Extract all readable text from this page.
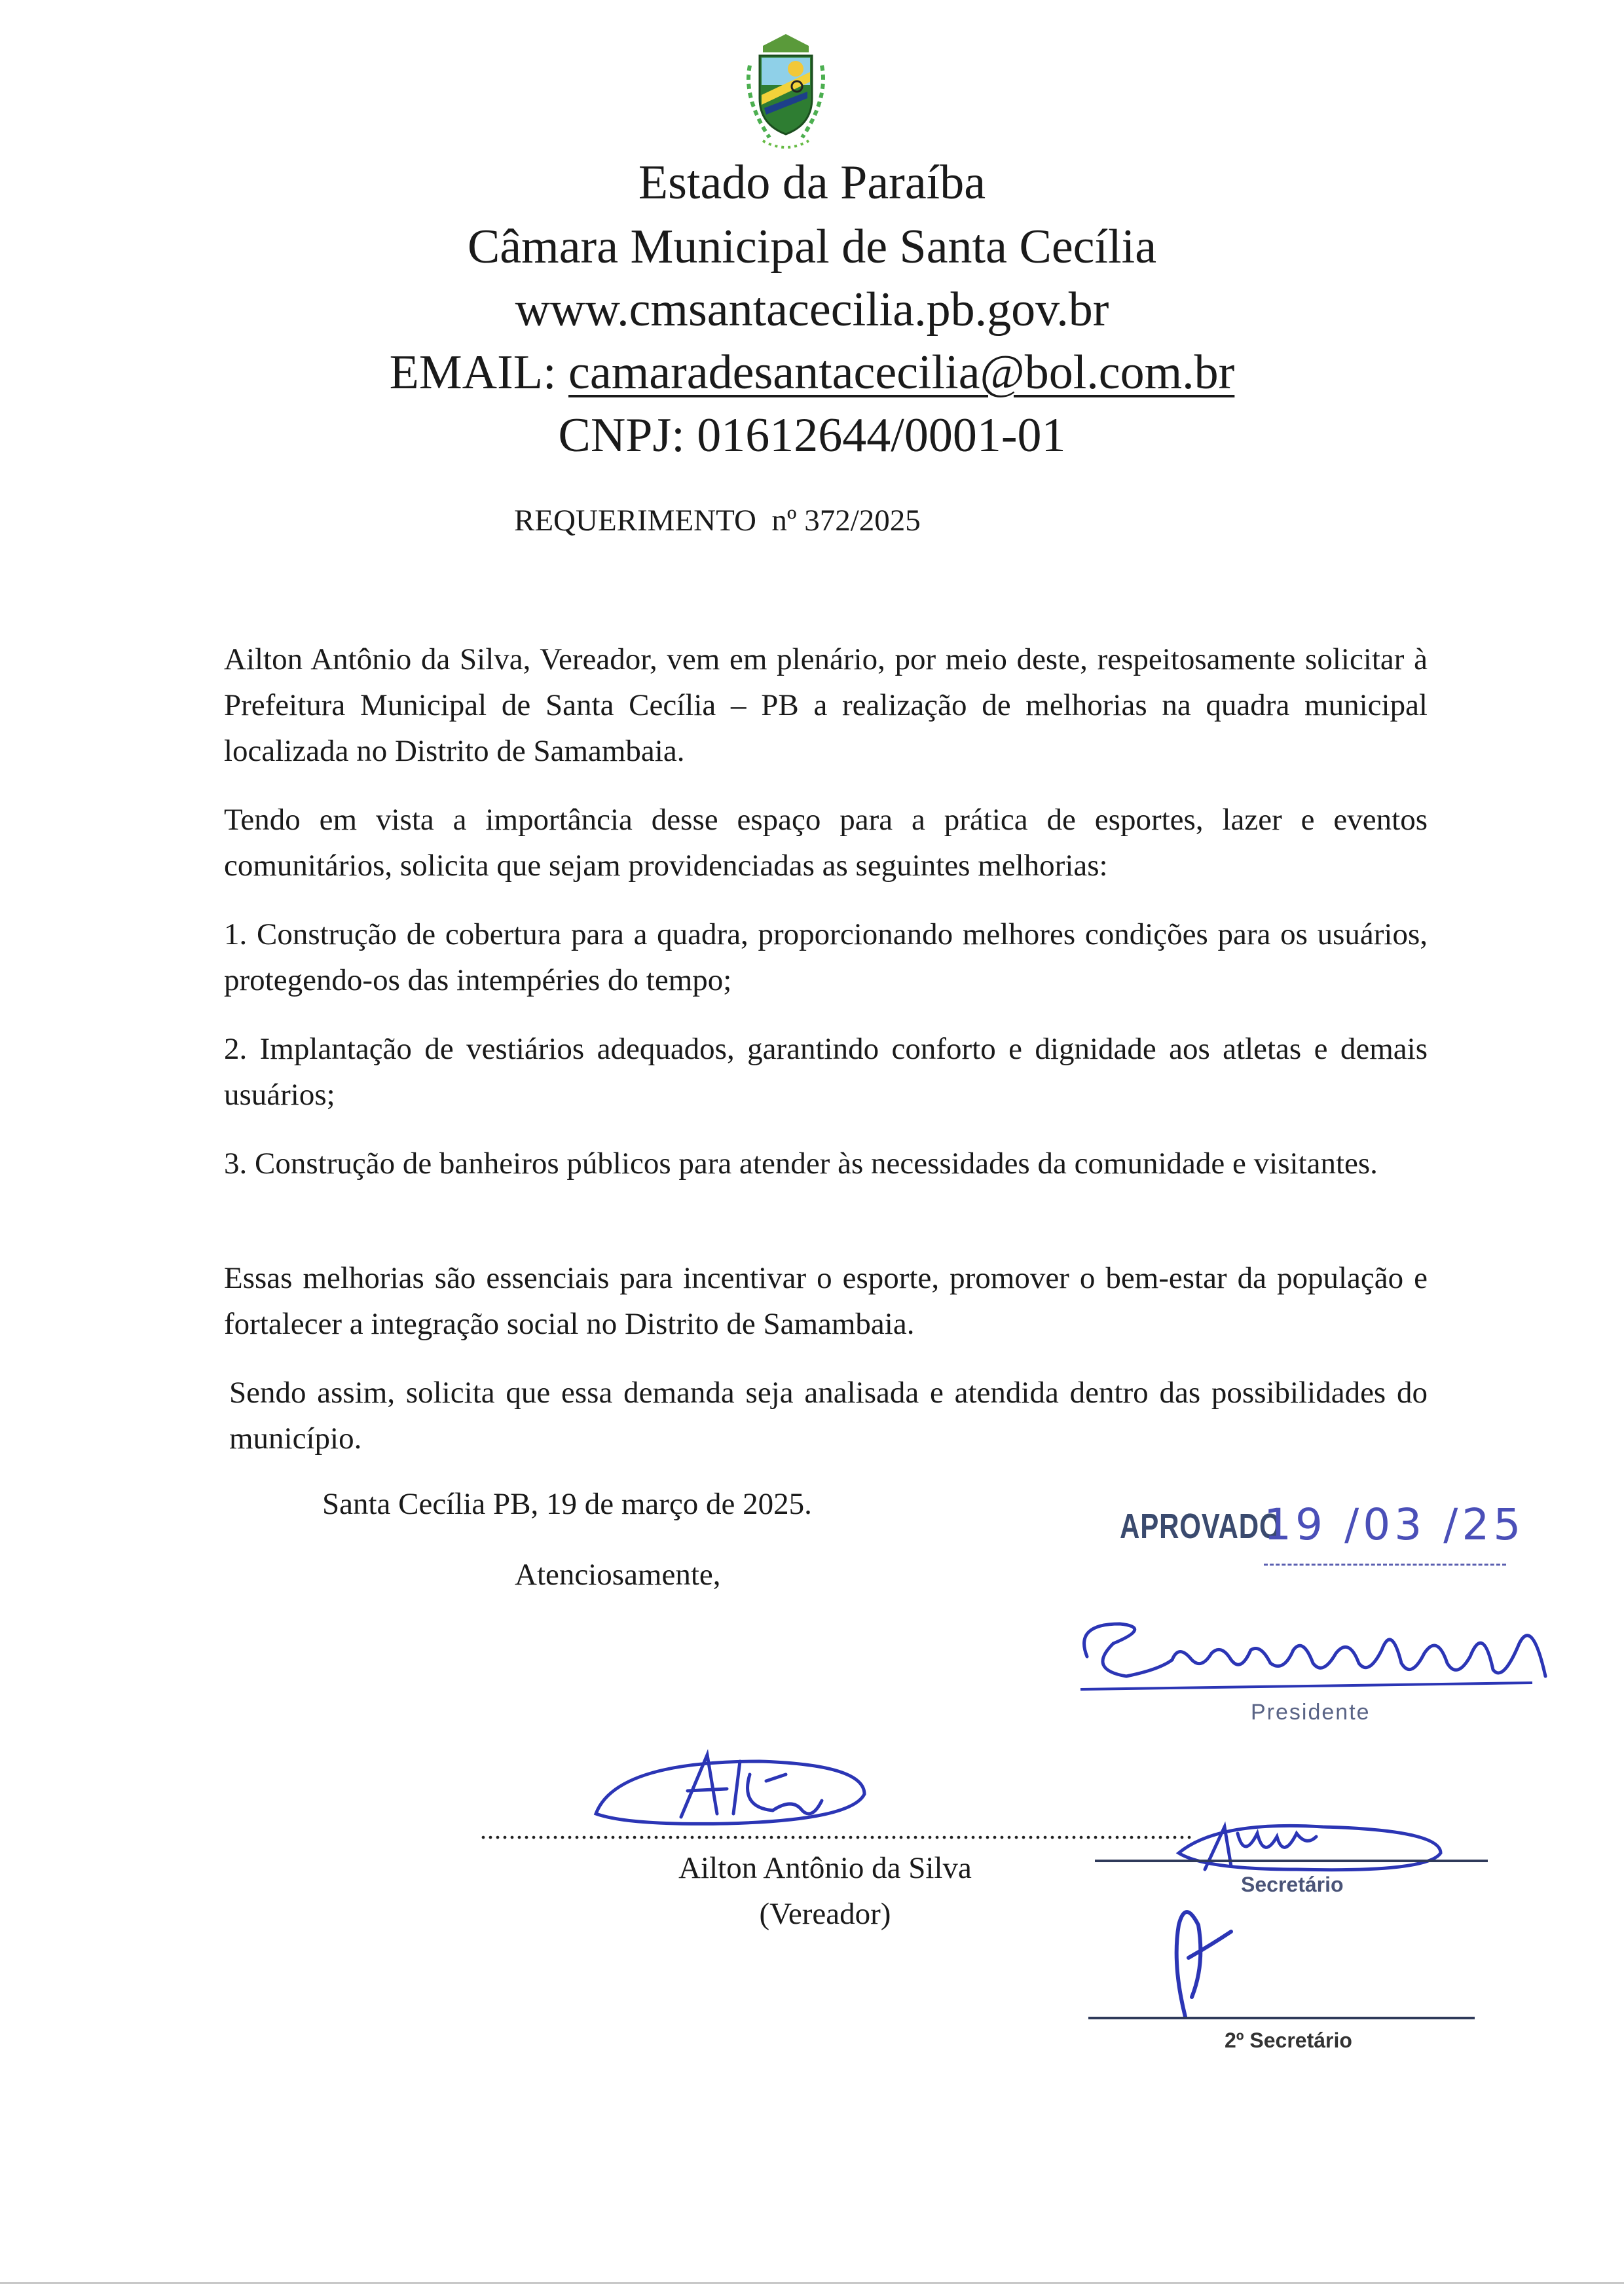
Estado da Paraíba
Câmara Municipal de Santa Cecília
www.cmsantacecilia.pb.gov.br
EMAIL: camaradesantacecilia@bol.com.br
CNPJ: 01612644/0001-01
REQUERIMENTO  nº 372/2025

Ailton Antônio da Silva, Vereador, vem em plenário, por meio deste, respeitosamente solicitar à Prefeitura Municipal de Santa Cecília – PB a realização de melhorias na quadra municipal localizada no Distrito de Samambaia.

Tendo em vista a importância desse espaço para a prática de esportes, lazer e eventos comunitários, solicita que sejam providenciadas as seguintes melhorias:

1. Construção de cobertura para a quadra, proporcionando melhores condições para os usuários, protegendo-os das intempéries do tempo;

2. Implantação de vestiários adequados, garantindo conforto e dignidade aos atletas e demais usuários;

3. Construção de banheiros públicos para atender às necessidades da comunidade e visitantes.

Essas melhorias são essenciais para incentivar o esporte, promover o bem-estar da população e fortalecer a integração social no Distrito de Samambaia.

Sendo assim, solicita que essa demanda seja analisada e atendida dentro das possibilidades do município.

Santa Cecília PB, 19 de março de 2025.
Atenciosamente,
APROVADO
19 /03 /25
Presidente
...................................................................................................
Ailton Antônio da Silva
(Vereador)
Secretário
2º Secretário
